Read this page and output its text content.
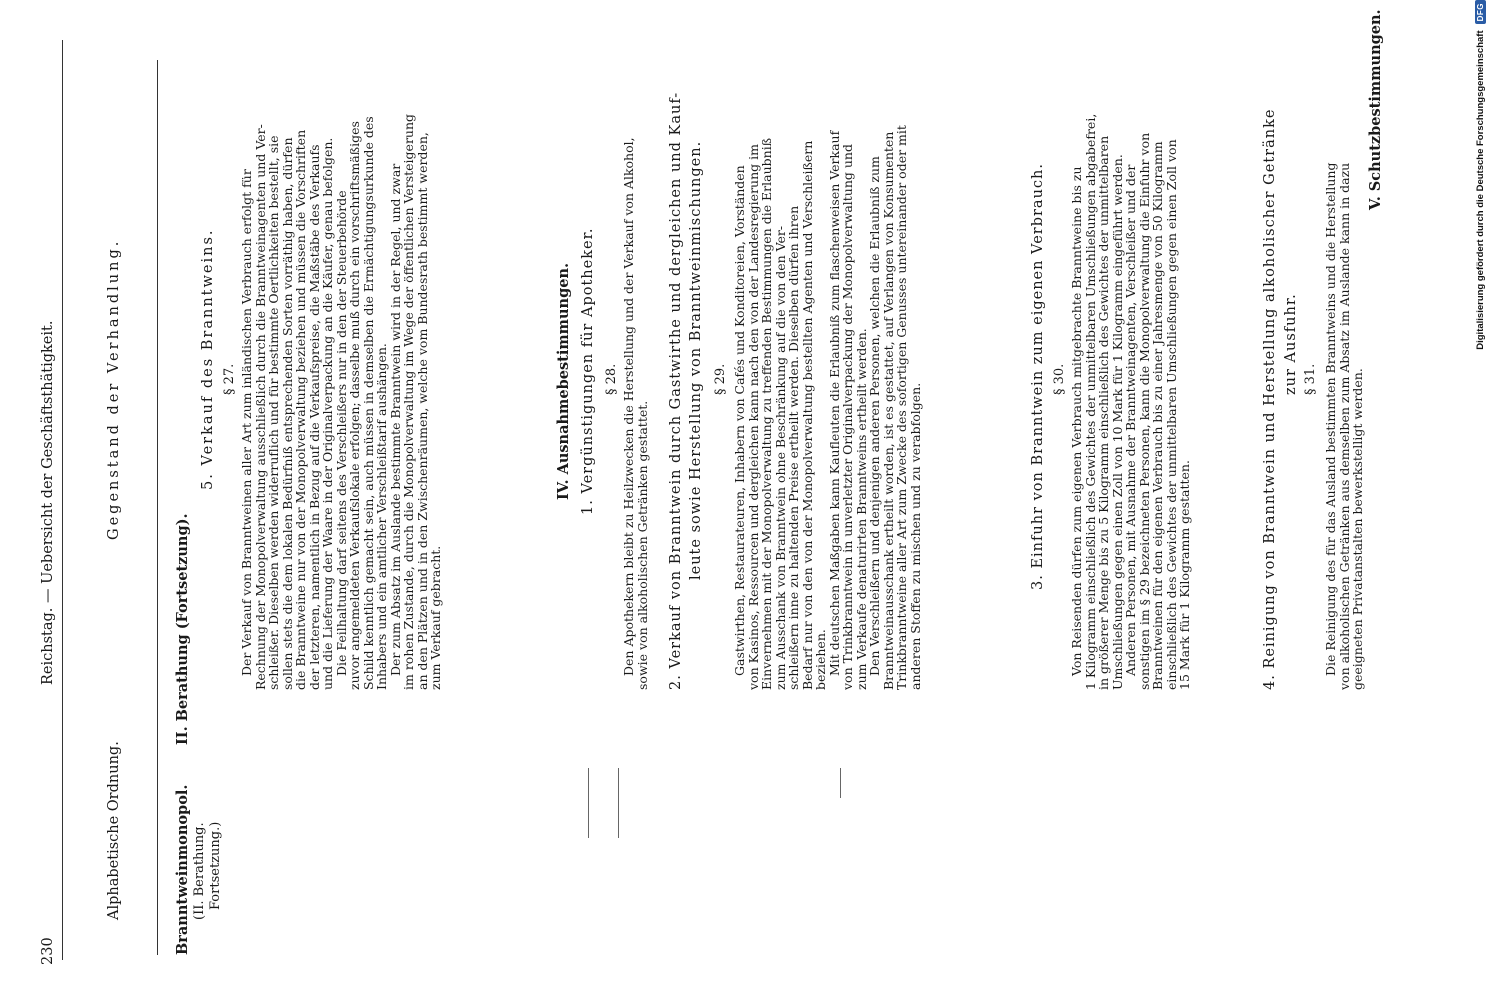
230
Reichstag. — Uebersicht der Geschäftsthätigkeit.
Alphabetische Ordnung.
Gegenstand der Verhandlung.
Branntweinmonopol. (II. Berathung. Fortsetzung.)
II. Berathung (Fortsetzung).
5. Verkauf des Branntweins. § 27. Der Verkauf von Branntweinen aller Art zum inländischen Verbrauch erfolgt für
Rechnung der Monopolverwaltung ausschließlich durch die Branntweinagenten und Ver-
schleißer. Dieselben werden widerruflich und für bestimmte Oertlichkeiten bestellt, sie
sollen stets die dem lokalen Bedürfniß entsprechenden Sorten vorräthig haben, dürfen
die Branntweine nur von der Monopolverwaltung beziehen und müssen die Vorschriften
der letzteren, namentlich in Bezug auf die Verkaufspreise, die Maßstäbe des Verkaufs
und die Lieferung der Waare in der Originalverpackung an die Käufer, genau befolgen.
Die Feilhaltung darf seitens des Verschleißers nur in den der Steuerbehörde
zuvor angemeldeten Verkaufslokale erfolgen; dasselbe muß durch ein vorschriftsmäßiges
Schild kenntlich gemacht sein, auch müssen in demselben die Ermächtigungsurkunde des
Inhabers und ein amtlicher Verschleißtarif aushängen.
Der zum Absatz im Auslande bestimmte Branntwein wird in der Regel, und zwar
im rohen Zustande, durch die Monopolverwaltung im Wege der öffentlichen Versteigerung
an den Plätzen und in den Zwischenräumen, welche vom Bundesrath bestimmt werden,
zum Verkauf gebracht.
IV. Ausnahmebestimmungen. 1. Vergünstigungen für Apotheker. § 28. Den Apothekern bleibt zu Heilzwecken die Herstellung und der Verkauf von Alkohol,
sowie von alkoholischen Getränken gestattet. 2. Verkauf von Branntwein durch Gastwirthe und dergleichen und Kauf- leute sowie Herstellung von Branntweinmischungen. § 29. Gastwirthen, Restaurateuren, Inhabern von Cafés und Konditoreien, Vorständen
von Kasinos, Ressourcen und dergleichen kann nach den von der Landesregierung im
Einvernehmen mit der Monopolverwaltung zu treffenden Bestimmungen die Erlaubniß
zum Ausschank von Branntwein ohne Beschränkung auf die von den Ver-
schleißern inne zu haltenden Preise ertheilt werden. Dieselben dürfen ihren
Bedarf nur von den von der Monopolverwaltung bestellten Agenten und Verschleißern
beziehen.
Mit deutschen Maßgaben kann Kaufleuten die Erlaubniß zum flaschenweisen Verkauf
von Trinkbranntwein in unverletzter Originalverpackung der Monopolverwaltung und
zum Verkaufe denaturirten Branntweins ertheilt werden.
Den Verschleißern und denjenigen anderen Personen, welchen die Erlaubniß zum
Branntweinausschank ertheilt worden, ist es gestattet, auf Verlangen von Konsumenten
Trinkbranntweine aller Art zum Zwecke des sofortigen Genusses untereinander oder mit
anderen Stoffen zu mischen und zu verabfolgen.	3. Einfuhr von Branntwein zum eigenen Verbrauch. § 30. Von Reisenden dürfen zum eigenen Verbrauch mitgebrachte Branntweine bis zu
1 Kilogramm einschließlich des Gewichtes der unmittelbaren Umschließungen abgabefrei,
in größerer Menge bis zu 5 Kilogramm einschließlich des Gewichtes der unmittelbaren
Umschließungen gegen einen Zoll von 10 Mark für 1 Kilogramm eingeführt werden.
Anderen Personen, mit Ausnahme der Branntweinagenten, Verschleißer und der
sonstigen im § 29 bezeichneten Personen, kann die Monopolverwaltung die Einfuhr von
Branntweinen für den eigenen Verbrauch bis zu einer Jahresmenge von 50 Kilogramm
einschließlich des Gewichtes der unmittelbaren Umschließungen gegen einen Zoll von
15 Mark für 1 Kilogramm gestatten.	4. Reinigung von Branntwein und Herstellung alkoholischer Getränke zur Ausfuhr. § 31. Die Reinigung des für das Ausland bestimmten Branntweins und die Herstellung
von alkoholischen Getränken aus demselben zum Absatz im Auslande kann in dazu
geeigneten Privatanstalten bewerkstelligt werden.
V. Schutzbestimmungen.	Digitalisierung gefördert durch die Deutsche Forschungsgemeinschaft
DFG
